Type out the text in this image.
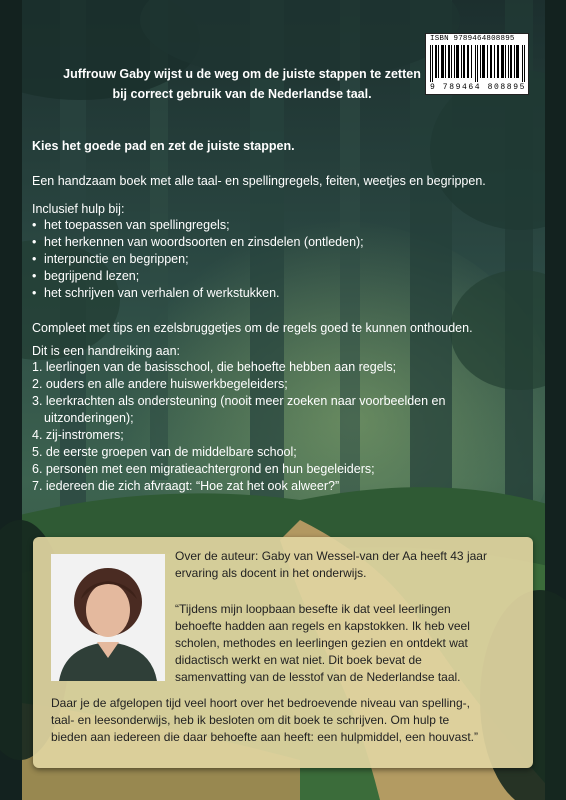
ISBN 9789464808895
9 789464 808895

Juffrouw Gaby wijst u de weg om de juiste stappen te zetten
bij correct gebruik van de Nederlandse taal.

Kies het goede pad en zet de juiste stappen.

Een handzaam boek met alle taal- en spellingregels, feiten, weetjes en begrippen.

Inclusief hulp bij:

• het toepassen van spellingregels;
• het herkennen van woordsoorten en zinsdelen (ontleden);
• interpunctie en begrippen;
• begrijpend lezen;
• het schrijven van verhalen of werkstukken.

Compleet met tips en ezelsbruggetjes om de regels goed te kunnen onthouden.

Dit is een handreiking aan:

1. leerlingen van de basisschool, die behoefte hebben aan regels;
2. ouders en alle andere huiswerkbegeleiders;
3. leerkrachten als ondersteuning (nooit meer zoeken naar voorbeelden en
uitzonderingen);
4. zij-instromers;
5. de eerste groepen van de middelbare school;
6. personen met een migratieachtergrond en hun begeleiders;
7. iedereen die zich afvraagt: “Hoe zat het ook alweer?”

Over de auteur: Gaby van Wessel-van der Aa heeft 43 jaar
ervaring als docent in het onderwijs.

“Tijdens mijn loopbaan besefte ik dat veel leerlingen
behoefte hadden aan regels en kapstokken. Ik heb veel
scholen, methodes en leerlingen gezien en ontdekt wat
didactisch werkt en wat niet. Dit boek bevat de
samenvatting van de lesstof van de Nederlandse taal.

Daar je de afgelopen tijd veel hoort over het bedroevende niveau van spelling-,
taal- en leesonderwijs, heb ik besloten om dit boek te schrijven. Om hulp te
bieden aan iedereen die daar behoefte aan heeft: een hulpmiddel, een houvast.”
